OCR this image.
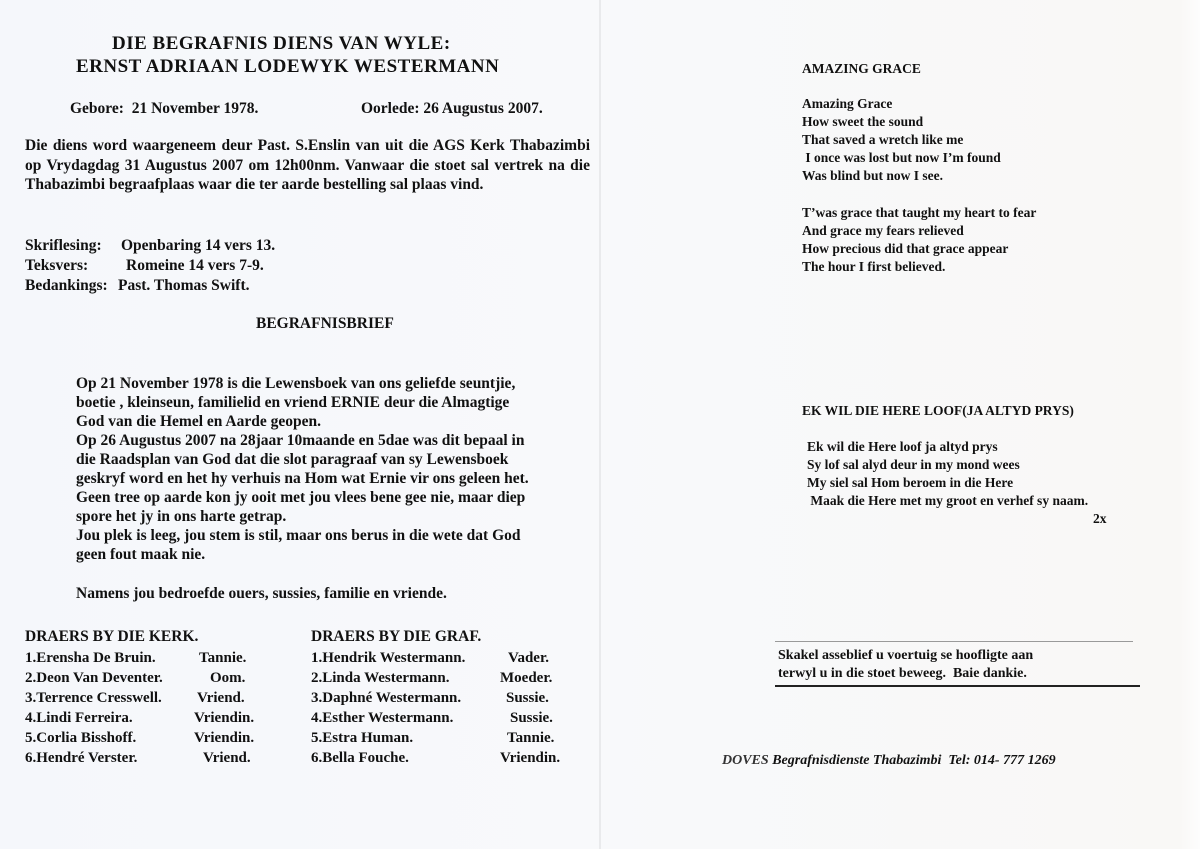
DIE BEGRAFNIS DIENS VAN WYLE:
ERNST ADRIAAN LODEWYK WESTERMANN
Gebore:  21 November 1978.	Oorlede: 26 Augustus 2007.
Die diens word waargeneem deur Past. S.Enslin van uit die AGS Kerk Thabazimbi op Vrydagdag 31 Augustus 2007 om 12h00nm. Vanwaar die stoet sal vertrek na die Thabazimbi begraafplaas waar die ter aarde bestelling sal plaas vind.
Skriflesing: Openbaring 14 vers 13.
Teksvers: Romeine 14 vers 7-9.
Bedankings: Past. Thomas Swift.
BEGRAFNISBRIEF
Op 21 November 1978 is die Lewensboek van ons geliefde seuntjie,
boetie , kleinseun, familielid en vriend ERNIE deur die Almagtige
God van die Hemel en Aarde geopen.
Op 26 Augustus 2007 na 28jaar 10maande en 5dae was dit bepaal in
die Raadsplan van God dat die slot paragraaf van sy Lewensboek
geskryf word en het hy verhuis na Hom wat Ernie vir ons geleen het.
Geen tree op aarde kon jy ooit met jou vlees bene gee nie, maar diep
spore het jy in ons harte getrap.
Jou plek is leeg, jou stem is stil, maar ons berus in die wete dat God
geen fout maak nie.
Namens jou bedroefde ouers, sussies, familie en vriende.
DRAERS BY DIE KERK.
1.Erensha De Bruin.	Tannie.
2.Deon Van Deventer.	Oom.
3.Terrence Cresswell. Vriend.
4.Lindi Ferreira.	Vriendin.
5.Corlia Bisshoff.	Vriendin.
6.Hendré Verster.	Vriend.
DRAERS BY DIE GRAF.
1.Hendrik Westermann.	Vader.
2.Linda Westermann.	Moeder.
3.Daphné Westermann.	Sussie.
4.Esther Westermann.	Sussie.
5.Estra Human.	Tannie.
6.Bella Fouche.	Vriendin.
AMAZING GRACE
Amazing Grace
How sweet the sound
That saved a wretch like me
I once was lost but now I’m found
Was blind but now I see.
T’was grace that taught my heart to fear
And grace my fears relieved
How precious did that grace appear
The hour I first believed.
EK WIL DIE HERE LOOF(JA ALTYD PRYS)
Ek wil die Here loof ja altyd prys
Sy lof sal alyd deur in my mond wees
My siel sal Hom beroem in die Here
Maak die Here met my groot en verhef sy naam.
2x
Skakel asseblief u voertuig se hoofligte aan
terwyl u in die stoet beweeg.  Baie dankie.
DOVES Begrafnisdienste Thabazimbi  Tel: 014- 777 1269
